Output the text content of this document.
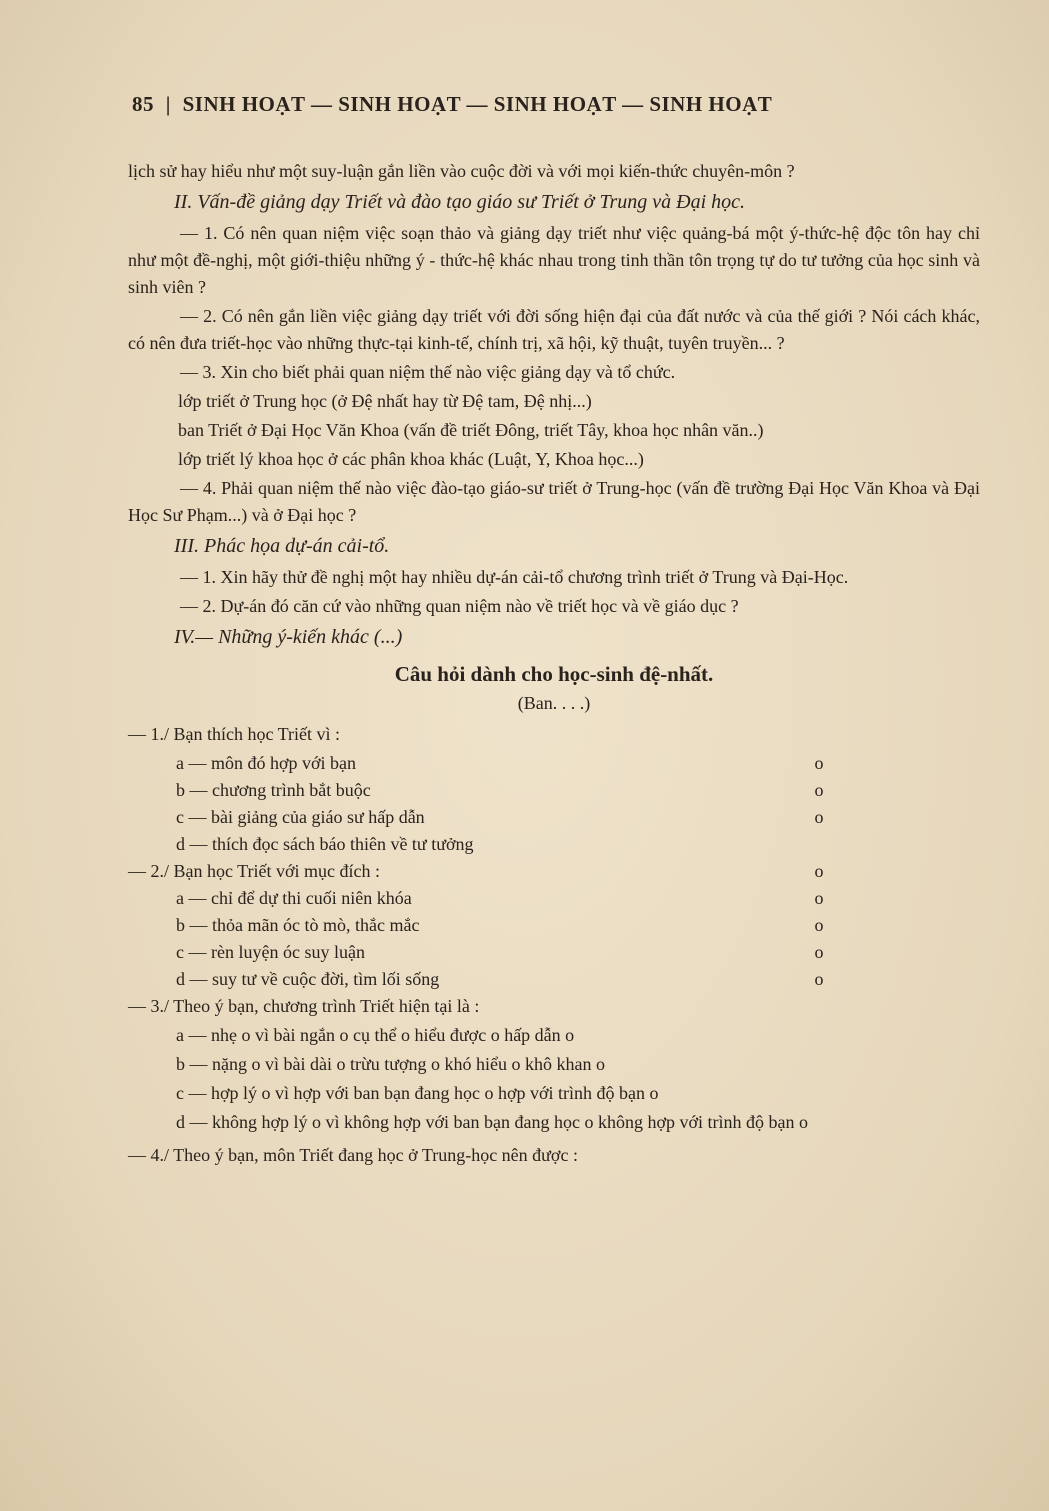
85 | SINH HOẠT — SINH HOẠT — SINH HOẠT — SINH HOẠT

lịch sử hay hiểu như một suy-luận gắn liền vào cuộc đời và với mọi kiến-thức chuyên-môn ?

II. Vấn-đề giảng dạy Triết và đào tạo giáo sư Triết ở Trung và Đại học.

— 1. Có nên quan niệm việc soạn thảo và giảng dạy triết như việc quảng-bá một ý-thức-hệ độc tôn hay chỉ như một đề-nghị, một giới-thiệu những ý - thức-hệ khác nhau trong tinh thần tôn trọng tự do tư tưởng của học sinh và sinh viên ?

— 2. Có nên gắn liền việc giảng dạy triết với đời sống hiện đại của đất nước và của thế giới ? Nói cách khác, có nên đưa triết-học vào những thực-tại kinh-tế, chính trị, xã hội, kỹ thuật, tuyên truyền... ?

— 3. Xin cho biết phải quan niệm thế nào việc giảng dạy và tổ chức.

lớp triết ở Trung học (ở Đệ nhất hay từ Đệ tam, Đệ nhị...)

ban Triết ở Đại Học Văn Khoa (vấn đề triết Đông, triết Tây, khoa học nhân văn..)

lớp triết lý khoa học ở các phân khoa khác (Luật, Y, Khoa học...)

— 4. Phải quan niệm thế nào việc đào-tạo giáo-sư triết ở Trung-học (vấn đề trường Đại Học Văn Khoa và Đại Học Sư Phạm...) và ở Đại học ?

III. Phác họa dự-án cải-tổ.

— 1. Xin hãy thử đề nghị một hay nhiều dự-án cải-tổ chương trình triết ở Trung và Đại-Học.

— 2. Dự-án đó căn cứ vào những quan niệm nào về triết học và về giáo dục ?

IV.— Những ý-kiến khác (...)

Câu hỏi dành cho học-sinh đệ-nhất.

(Ban. . . .)

— 1./ Bạn thích học Triết vì :

a — môn đó hợp với bạn	o
b — chương trình bắt buộc	o
c — bài giảng của giáo sư hấp dẫn	o
d — thích đọc sách báo thiên về tư tưởng
— 2./ Bạn học Triết với mục đích :	o
a — chỉ để dự thi cuối niên khóa	o
b — thỏa mãn óc tò mò, thắc mắc	o
c — rèn luyện óc suy luận	o
d — suy tư về cuộc đời, tìm lối sống	o

— 3./ Theo ý bạn, chương trình Triết hiện tại là :

a — nhẹ o vì bài ngắn o cụ thể o hiểu được o hấp dẫn o

b — nặng o vì bài dài o trừu tượng o khó hiểu o khô khan o

c — hợp lý o vì hợp với ban bạn đang học o hợp với trình độ bạn o

d — không hợp lý o vì không hợp với ban bạn đang học o không hợp với trình độ bạn o

— 4./ Theo ý bạn, môn Triết đang học ở Trung-học nên được :
